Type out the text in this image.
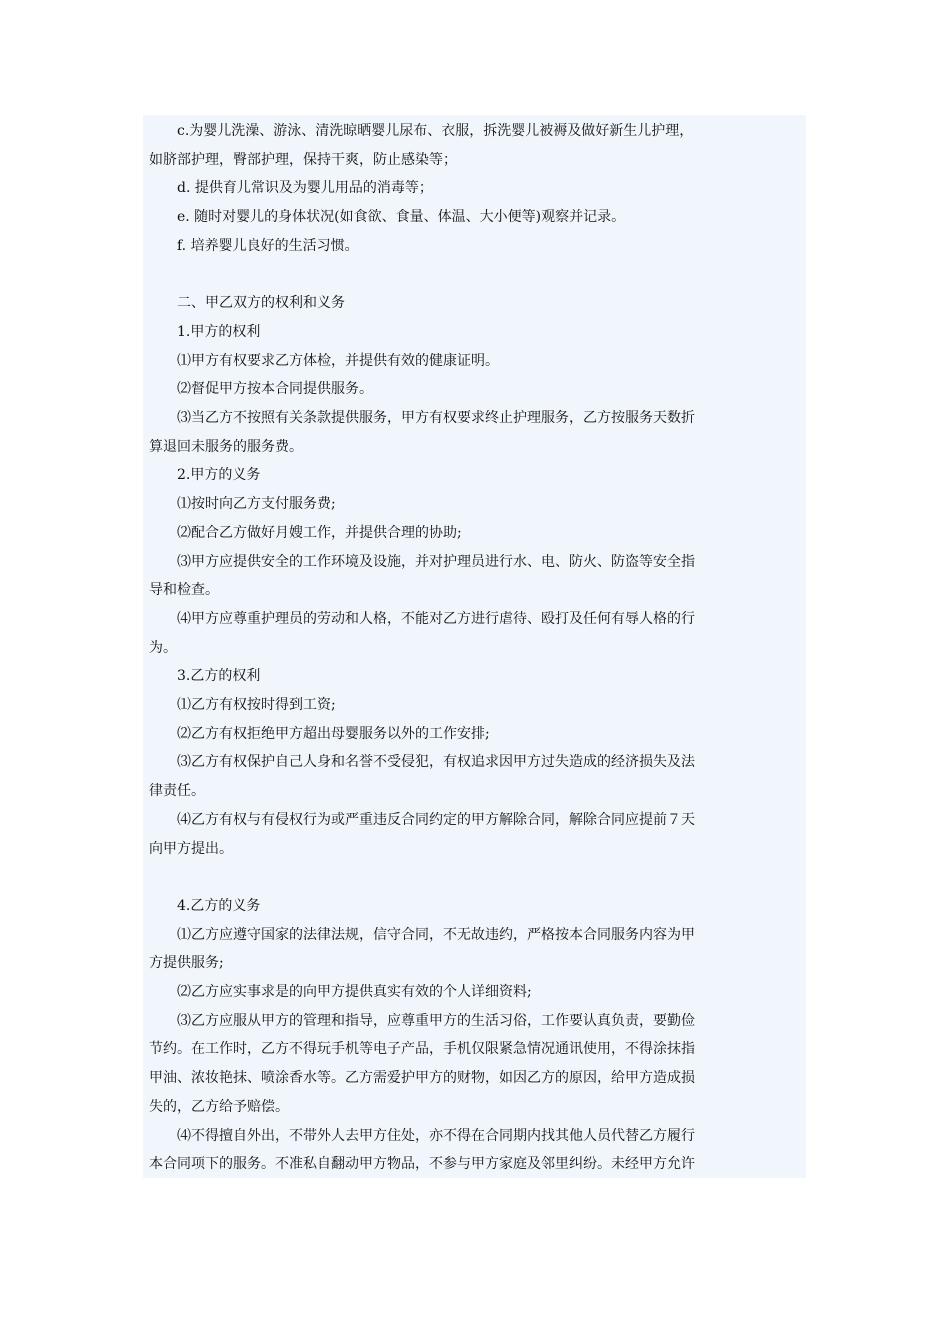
c.为婴儿洗澡、游泳、清洗晾晒婴儿尿布、衣服，拆洗婴儿被褥及做好新生儿护理，
如脐部护理，臀部护理，保持干爽，防止感染等；
d. 提供育儿常识及为婴儿用品的消毒等；
e. 随时对婴儿的身体状况(如食欲、食量、体温、大小便等)观察并记录。
f. 培养婴儿良好的生活习惯。
二、甲乙双方的权利和义务
1.甲方的权利
⑴甲方有权要求乙方体检，并提供有效的健康证明。
⑵督促甲方按本合同提供服务。
⑶当乙方不按照有关条款提供服务，甲方有权要求终止护理服务，乙方按服务天数折
算退回未服务的服务费。
2.甲方的义务
⑴按时向乙方支付服务费;
⑵配合乙方做好月嫂工作，并提供合理的协助;
⑶甲方应提供安全的工作环境及设施，并对护理员进行水、电、防火、防盗等安全指
导和检查。
⑷甲方应尊重护理员的劳动和人格，不能对乙方进行虐待、殴打及任何有辱人格的行
为。
3.乙方的权利
⑴乙方有权按时得到工资;
⑵乙方有权拒绝甲方超出母婴服务以外的工作安排;
⑶乙方有权保护自己人身和名誉不受侵犯，有权追求因甲方过失造成的经济损失及法
律责任。
⑷乙方有权与有侵权行为或严重违反合同约定的甲方解除合同，解除合同应提前７天
向甲方提出。
4.乙方的义务
⑴乙方应遵守国家的法律法规，信守合同，不无故违约，严格按本合同服务内容为甲
方提供服务;
⑵乙方应实事求是的向甲方提供真实有效的个人详细资料;
⑶乙方应服从甲方的管理和指导，应尊重甲方的生活习俗，工作要认真负责，要勤俭
节约。在工作时，乙方不得玩手机等电子产品，手机仅限紧急情况通讯使用，不得涂抹指
甲油、浓妆艳抹、喷涂香水等。乙方需爱护甲方的财物，如因乙方的原因，给甲方造成损
失的，乙方给予赔偿。
⑷不得擅自外出，不带外人去甲方住处，亦不得在合同期内找其他人员代替乙方履行
本合同项下的服务。不准私自翻动甲方物品，不参与甲方家庭及邻里纠纷。未经甲方允许
